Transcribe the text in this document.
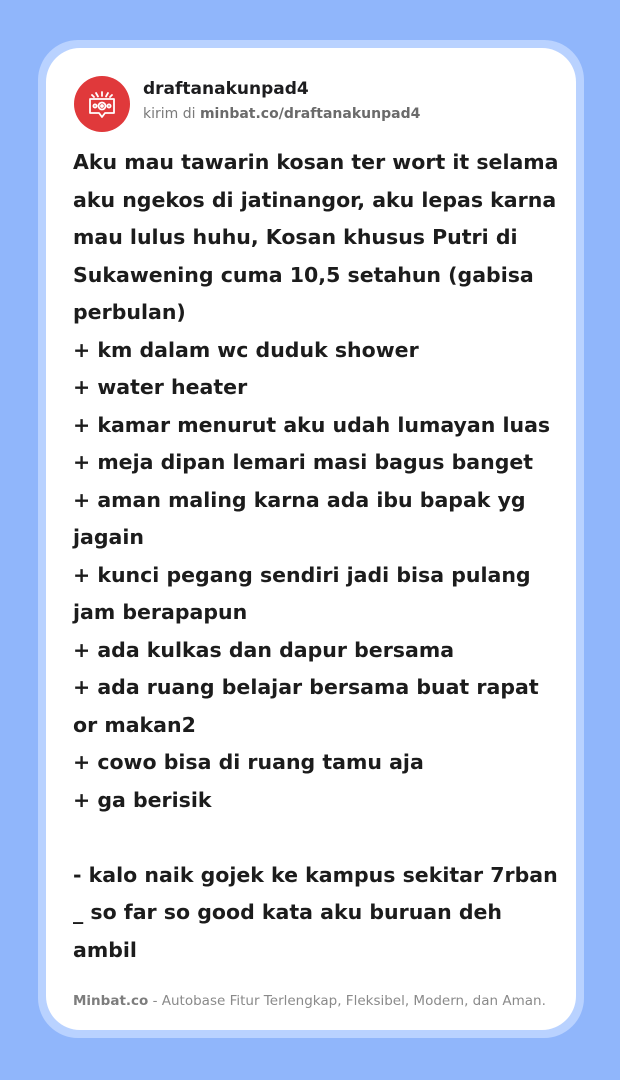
draftanakunpad4
kirim di minbat.co/draftanakunpad4
Aku mau tawarin kosan ter wort it selama
aku ngekos di jatinangor, aku lepas karna
mau lulus huhu, Kosan khusus Putri di
Sukawening cuma 10,5 setahun (gabisa
perbulan)
+ km dalam wc duduk shower
+ water heater
+ kamar menurut aku udah lumayan luas
+ meja dipan lemari masi bagus banget
+ aman maling karna ada ibu bapak yg
jagain
+ kunci pegang sendiri jadi bisa pulang
jam berapapun
+ ada kulkas dan dapur bersama
+ ada ruang belajar bersama buat rapat
or makan2
+ cowo bisa di ruang tamu aja
+ ga berisik
- kalo naik gojek ke kampus sekitar 7rban
_ so far so good kata aku buruan deh
ambil
Minbat.co - Autobase Fitur Terlengkap, Fleksibel, Modern, dan Aman.
